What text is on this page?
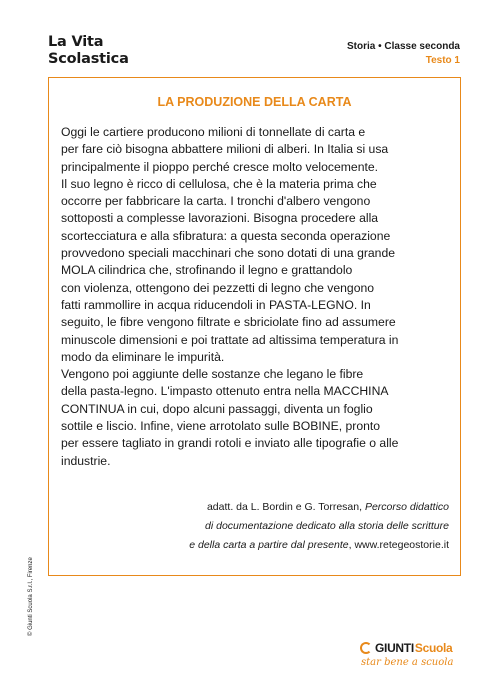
La Vita
Scolastica
Storia • Classe seconda
Testo 1
LA PRODUZIONE DELLA CARTA
Oggi le cartiere producono milioni di tonnellate di carta e
per fare ciò bisogna abbattere milioni di alberi. In Italia si usa
principalmente il pioppo perché cresce molto velocemente.
Il suo legno è ricco di cellulosa, che è la materia prima che
occorre per fabbricare la carta. I tronchi d'albero vengono
sottoposti a complesse lavorazioni. Bisogna procedere alla
scortecciatura e alla sfibratura: a questa seconda operazione
provvedono speciali macchinari che sono dotati di una grande
MOLA cilindrica che, strofinando il legno e grattandolo
con violenza, ottengono dei pezzetti di legno che vengono
fatti rammollire in acqua riducendoli in PASTA-LEGNO. In
seguito, le fibre vengono filtrate e sbriciolate fino ad assumere
minuscole dimensioni e poi trattate ad altissima temperatura in
modo da eliminare le impurità.
Vengono poi aggiunte delle sostanze che legano le fibre
della pasta-legno. L'impasto ottenuto entra nella MACCHINA
CONTINUA in cui, dopo alcuni passaggi, diventa un foglio
sottile e liscio. Infine, viene arrotolato sulle BOBINE, pronto
per essere tagliato in grandi rotoli e inviato alle tipografie o alle
industrie.
adatt. da L. Bordin e G. Torresan, Percorso didattico
di documentazione dedicato alla storia delle scritture
e della carta a partire dal presente, www.retegeostorie.it
© Giunti Scuola S.r.l., Firenze
GIUNTI Scuola
star bene a scuola
